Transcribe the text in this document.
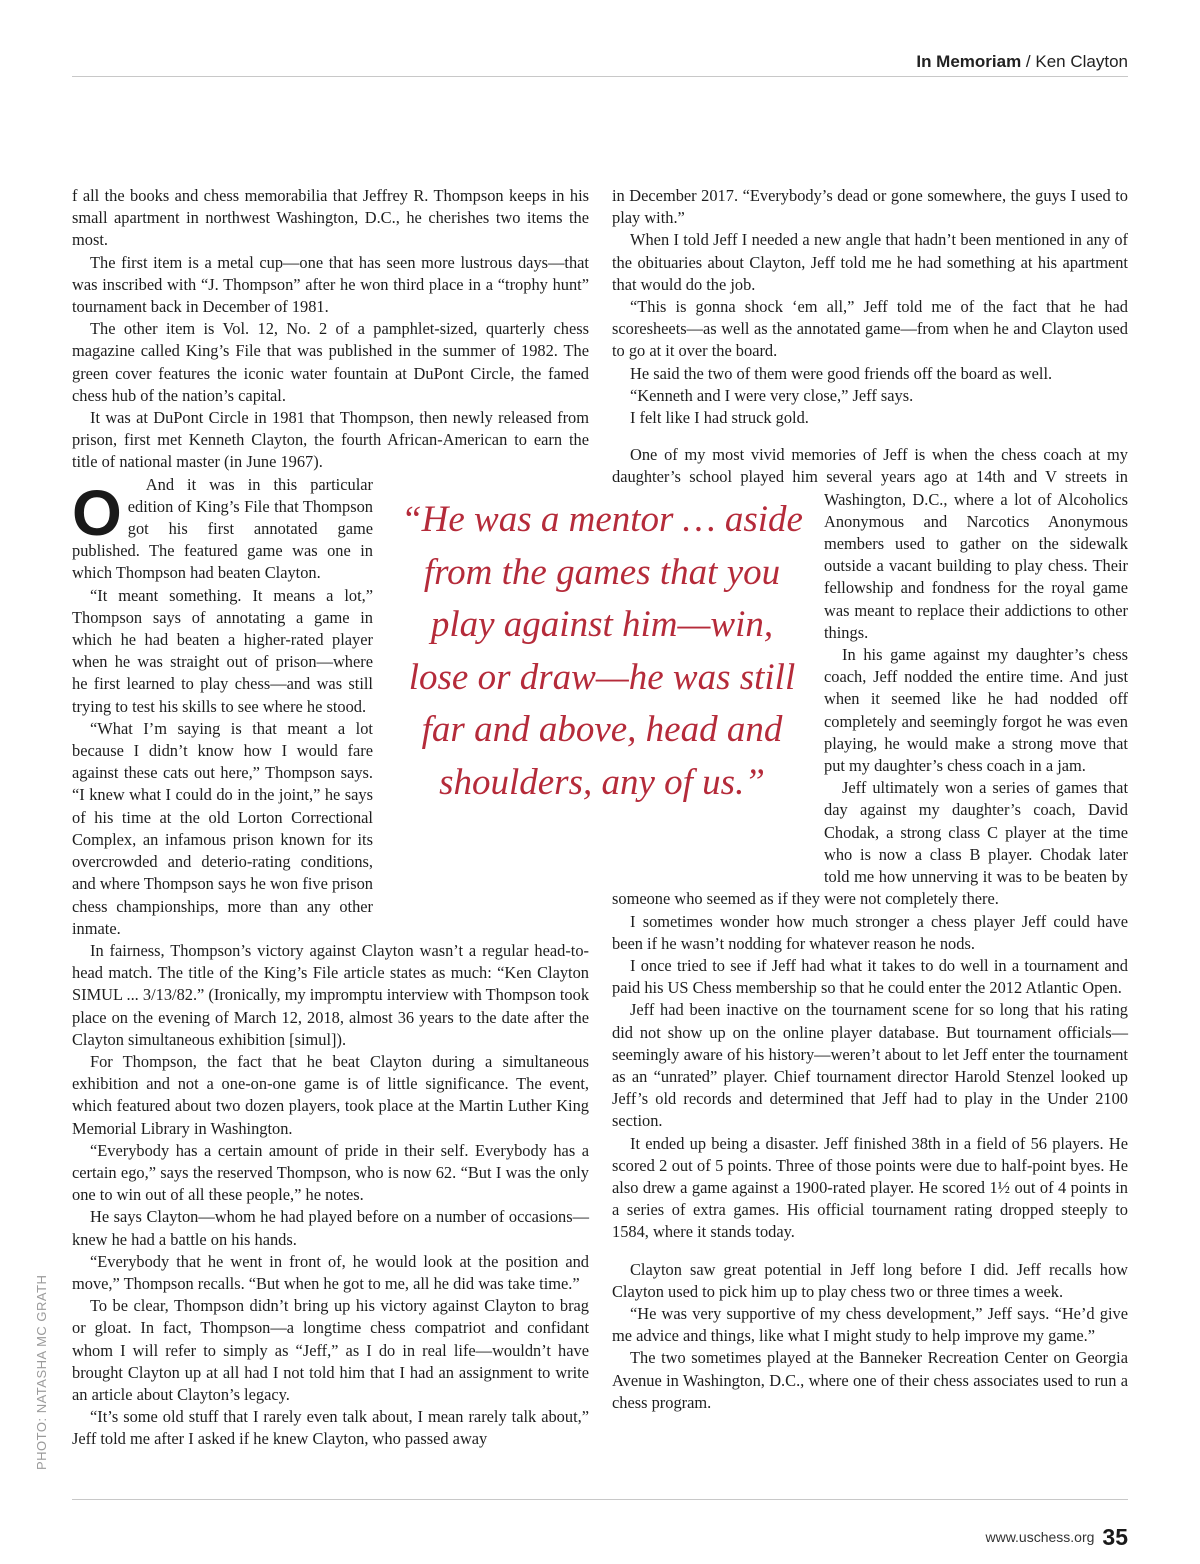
In Memoriam / Ken Clayton
O

f all the books and chess memorabilia that Jeffrey R. Thompson keeps in his small apartment in northwest Washington, D.C., he cherishes two items the most.

The first item is a metal cup—one that has seen more lustrous days—that was inscribed with “J. Thompson” after he won third place in a “trophy hunt” tournament back in December of 1981.

The other item is Vol. 12, No. 2 of a pamphlet-sized, quarterly chess magazine called King’s File that was published in the summer of 1982. The green cover features the iconic water fountain at DuPont Circle, the famed chess hub of the nation’s capital.

It was at DuPont Circle in 1981 that Thompson, then newly released from prison, first met Kenneth Clayton, the fourth African-American to earn the title of national master (in June 1967).

And it was in this particular edition of King’s File that Thompson got his first annotated game published. The featured game was one in which Thompson had beaten Clayton.

“It meant something. It means a lot,” Thompson says of annotating a game in which he had beaten a higher-rated player when he was straight out of prison—where he first learned to play chess—and was still trying to test his skills to see where he stood.

“What I’m saying is that meant a lot because I didn’t know how I would fare against these cats out here,” Thompson says. “I knew what I could do in the joint,” he says of his time at the old Lorton Correctional Complex, an infamous prison known for its overcrowded and deterio-rating conditions, and where Thompson says he won five prison chess championships, more than any other inmate.

In fairness, Thompson’s victory against Clayton wasn’t a regular head-to-head match. The title of the King’s File article states as much: “Ken Clayton SIMUL ... 3/13/82.” (Ironically, my impromptu interview with Thompson took place on the evening of March 12, 2018, almost 36 years to the date after the Clayton simultaneous exhibition [simul]).

For Thompson, the fact that he beat Clayton during a simultaneous exhibition and not a one-on-one game is of little significance. The event, which featured about two dozen players, took place at the Martin Luther King Memorial Library in Washington.

“Everybody has a certain amount of pride in their self. Everybody has a certain ego,” says the reserved Thompson, who is now 62. “But I was the only one to win out of all these people,” he notes.

He says Clayton—whom he had played before on a number of occasions—knew he had a battle on his hands.

“Everybody that he went in front of, he would look at the position and move,” Thompson recalls. “But when he got to me, all he did was take time.”

To be clear, Thompson didn’t bring up his victory against Clayton to brag or gloat. In fact, Thompson—a longtime chess compatriot and confidant whom I will refer to simply as “Jeff,” as I do in real life—wouldn’t have brought Clayton up at all had I not told him that I had an assignment to write an article about Clayton’s legacy.

“It’s some old stuff that I rarely even talk about, I mean rarely talk about,” Jeff told me after I asked if he knew Clayton, who passed away

in December 2017. “Everybody’s dead or gone somewhere, the guys I used to play with.”

When I told Jeff I needed a new angle that hadn’t been mentioned in any of the obituaries about Clayton, Jeff told me he had something at his apartment that would do the job.

“This is gonna shock ‘em all,” Jeff told me of the fact that he had scoresheets—as well as the annotated game—from when he and Clayton used to go at it over the board.

He said the two of them were good friends off the board as well.

“Kenneth and I were very close,” Jeff says.

I felt like I had struck gold.

One of my most vivid memories of Jeff is when the chess coach at my daughter’s school played him several years ago at 14th and V streets in Washington, D.C., where a lot of Alcoholics Anonymous and Narcotics Anonymous members used to gather on the sidewalk outside a vacant building to play chess. Their fellowship and fondness for the royal game was meant to replace their addictions to other things.

In his game against my daughter’s chess coach, Jeff nodded the entire time. And just when it seemed like he had nodded off completely and seemingly forgot he was even playing, he would make a strong move that put my daughter’s chess coach in a jam.

Jeff ultimately won a series of games that day against my daughter’s coach, David Chodak, a strong class C player at the time who is now a class B player. Chodak later told me how unnerving it was to be beaten by someone who seemed as if they were not completely there.

I sometimes wonder how much stronger a chess player Jeff could have been if he wasn’t nodding for whatever reason he nods.

I once tried to see if Jeff had what it takes to do well in a tournament and paid his US Chess membership so that he could enter the 2012 Atlantic Open.

Jeff had been inactive on the tournament scene for so long that his rating did not show up on the online player database. But tournament officials—seemingly aware of his history—weren’t about to let Jeff enter the tournament as an “unrated” player. Chief tournament director Harold Stenzel looked up Jeff’s old records and determined that Jeff had to play in the Under 2100 section.

It ended up being a disaster. Jeff finished 38th in a field of 56 players. He scored 2 out of 5 points. Three of those points were due to half-point byes. He also drew a game against a 1900-rated player. He scored 1½ out of 4 points in a series of extra games. His official tournament rating dropped steeply to 1584, where it stands today.

Clayton saw great potential in Jeff long before I did. Jeff recalls how Clayton used to pick him up to play chess two or three times a week.

“He was very supportive of my chess development,” Jeff says. “He’d give me advice and things, like what I might study to help improve my game.”

The two sometimes played at the Banneker Recreation Center on Georgia Avenue in Washington, D.C., where one of their chess associates used to run a chess program.

“He was a mentor … aside from the games that you play against him—win, lose or draw—he was still far and above, head and shoulders, any of us.”
PHOTO: NATASHA MC GRATH
www.uschess.org 35
